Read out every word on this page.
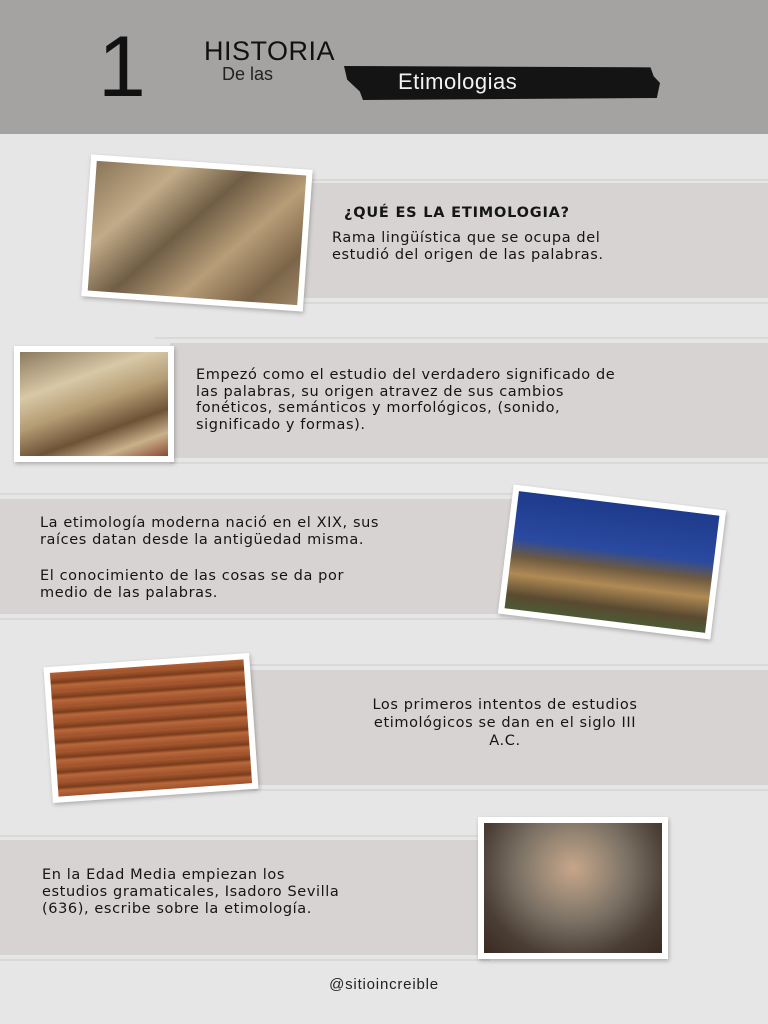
1 HISTORIA
De las	Etimologias
¿QUÉ ES LA ETIMOLOGIA?
Rama lingüística que se ocupa del
estudió del origen de las palabras.
Empezó como el estudio del verdadero significado de
las palabras, su origen atravez de sus cambios
fonéticos, semánticos y morfológicos, (sonido,
significado y formas).
La etimología moderna nació en el XIX, sus
raíces datan desde la antigüedad misma.
El conocimiento de las cosas se da por
medio de las palabras.
Los primeros intentos de estudios
etimológicos se dan en el siglo III
A.C.
En la Edad Media empiezan los
estudios gramaticales, Isadoro Sevilla
(636), escribe sobre la etimología.
@sitioincreible
